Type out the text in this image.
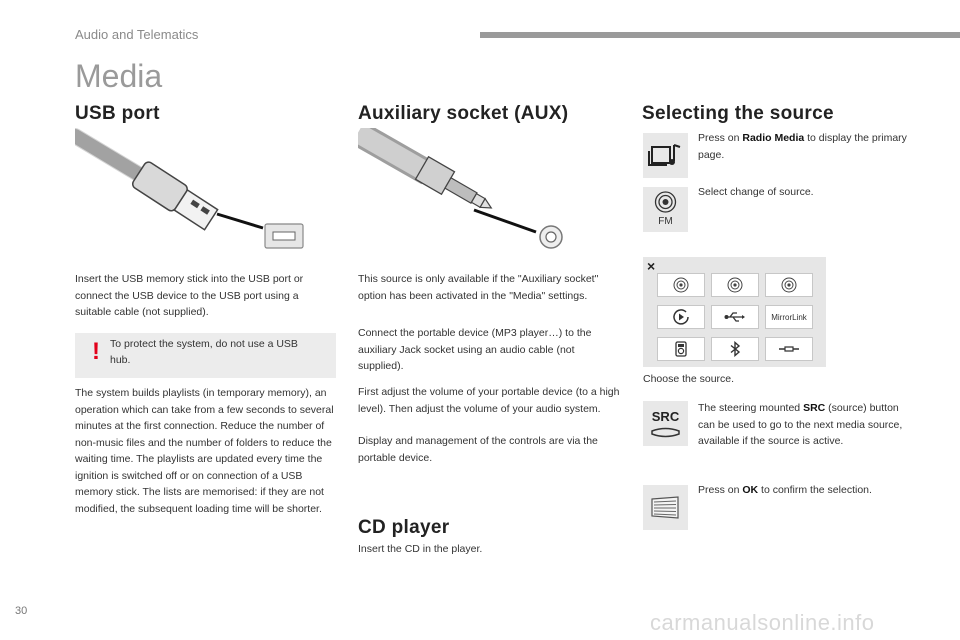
Audio and Telematics
Media
USB port
Insert the USB memory stick into the USB port or connect the USB device to the USB port using a suitable cable (not supplied).
! To protect the system, do not use a USB hub.
The system builds playlists (in temporary memory), an operation which can take from a few seconds to several minutes at the first connection. Reduce the number of non-music files and the number of folders to reduce the waiting time. The playlists are updated every time the ignition is switched off or on connection of a USB memory stick. The lists are memorised: if they are not modified, the subsequent loading time will be shorter.
Auxiliary socket (AUX)
This source is only available if the "Auxiliary socket" option has been activated in the "Media" settings.
Connect the portable device (MP3 player…) to the auxiliary Jack socket using an audio cable (not supplied).
First adjust the volume of your portable device (to a high level). Then adjust the volume of your audio system.
Display and management of the controls are via the portable device.
CD player
Insert the CD in the player.
Selecting the source
Press on Radio Media to display the primary page.
FM
Select change of source.
×
MirrorLink
Choose the source.
SRC
The steering mounted SRC (source) button can be used to go to the next media source, available if the source is active.
Press on OK to confirm the selection.
30	carmanualsonline.info
